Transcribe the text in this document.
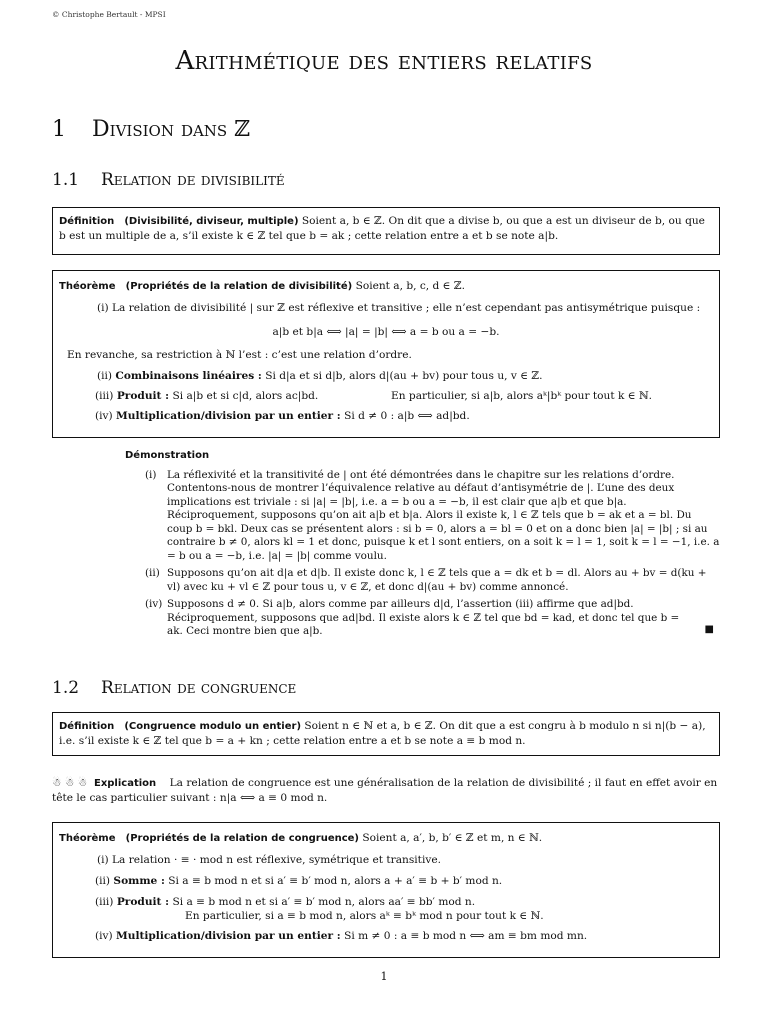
© Christophe Bertault - MPSI
Arithmétique des entiers relatifs
1 Division dans ℤ
1.1 Relation de divisibilité
Définition (Divisibilité, diviseur, multiple) Soient a, b ∈ ℤ. On dit que a divise b, ou que a est un diviseur de b, ou que
b est un multiple de a, s’il existe k ∈ ℤ tel que b = ak ; cette relation entre a et b se note a|b.
Théorème (Propriétés de la relation de divisibilité) Soient a, b, c, d ∈ ℤ.
(i) La relation de divisibilité | sur ℤ est réflexive et transitive ; elle n’est cependant pas antisymétrique puisque :
a|b et b|a ⟺ |a| = |b| ⟺ a = b ou a = −b.
En revanche, sa restriction à ℕ l’est : c’est une relation d’ordre.
(ii) Combinaisons linéaires : Si d|a et si d|b, alors d|(au + bv) pour tous u, v ∈ ℤ.
(iii) Produit : Si a|b et si c|d, alors ac|bd.	En particulier, si a|b, alors aᵏ|bᵏ pour tout k ∈ ℕ.
(iv) Multiplication/division par un entier : Si d ≠ 0 : a|b ⟺ ad|bd.
Démonstration
(i) La réflexivité et la transitivité de | ont été démontrées dans le chapitre sur les relations d’ordre. Contentons-nous de montrer l’équivalence relative au défaut d’antisymétrie de |. L’une des deux implications est triviale : si |a| = |b|, i.e. a = b ou a = −b, il est clair que a|b et que b|a.
Réciproquement, supposons qu’on ait a|b et b|a. Alors il existe k, l ∈ ℤ tels que b = ak et a = bl. Du coup b = bkl. Deux cas se présentent alors : si b = 0, alors a = bl = 0 et on a donc bien |a| = |b| ; si au contraire b ≠ 0, alors kl = 1 et donc, puisque k et l sont entiers, on a soit k = l = 1, soit k = l = −1, i.e. a = b ou a = −b, i.e. |a| = |b| comme voulu.
(ii) Supposons qu’on ait d|a et d|b. Il existe donc k, l ∈ ℤ tels que a = dk et b = dl. Alors au + bv = d(ku + vl) avec ku + vl ∈ ℤ pour tous u, v ∈ ℤ, et donc d|(au + bv) comme annoncé.
(iv) Supposons d ≠ 0. Si a|b, alors comme par ailleurs d|d, l’assertion (iii) affirme que ad|bd.
Réciproquement, supposons que ad|bd. Il existe alors k ∈ ℤ tel que bd = kad, et donc tel que b = ak. Ceci montre bien que a|b.	■
1.2 Relation de congruence
Définition (Congruence modulo un entier) Soient n ∈ ℕ et a, b ∈ ℤ. On dit que a est congru à b modulo n si n|(b − a),
i.e. s’il existe k ∈ ℤ tel que b = a + kn ; cette relation entre a et b se note a ≡ b mod n.
☃ ☃ ☃ Explication La relation de congruence est une généralisation de la relation de divisibilité ; il faut en effet avoir en tête le cas particulier suivant : n|a ⟺ a ≡ 0 mod n.
Théorème (Propriétés de la relation de congruence) Soient a, a′, b, b′ ∈ ℤ et m, n ∈ ℕ.
(i) La relation · ≡ · mod n est réflexive, symétrique et transitive.
(ii) Somme : Si a ≡ b mod n et si a′ ≡ b′ mod n, alors a + a′ ≡ b + b′ mod n.
(iii) Produit : Si a ≡ b mod n et si a′ ≡ b′ mod n, alors aa′ ≡ bb′ mod n.
En particulier, si a ≡ b mod n, alors aᵏ ≡ bᵏ mod n pour tout k ∈ ℕ.
(iv) Multiplication/division par un entier : Si m ≠ 0 : a ≡ b mod n ⟺ am ≡ bm mod mn.
1
